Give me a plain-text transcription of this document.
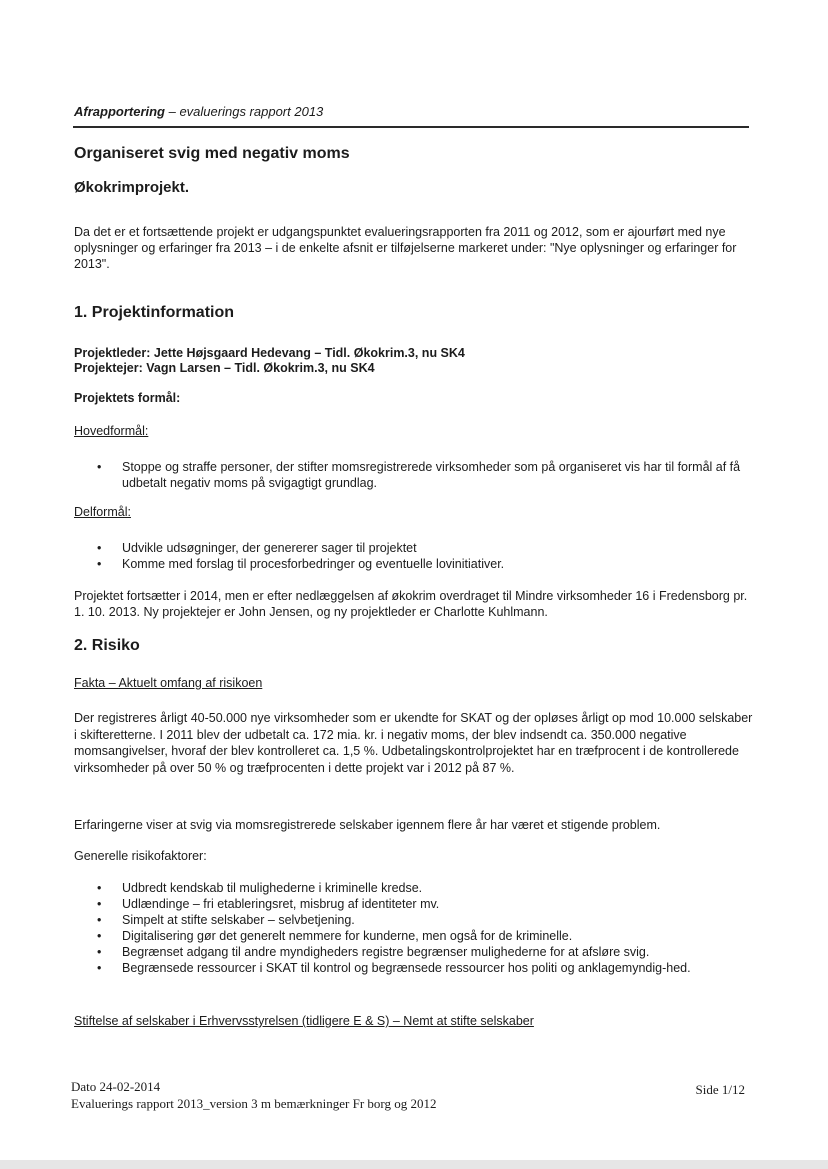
Afrapportering – evaluerings rapport 2013
Organiseret svig med negativ moms
Økokrimprojekt.
Da det er et fortsættende projekt er udgangspunktet evalueringsrapporten fra 2011 og 2012, som er ajourført med nye oplysninger og erfaringer fra 2013 – i de enkelte afsnit er tilføjelserne markeret under: "Nye oplysninger og erfaringer for 2013".
1. Projektinformation
Projektleder: Jette Højsgaard Hedevang – Tidl. Økokrim.3, nu SK4
Projektejer: Vagn Larsen – Tidl. Økokrim.3, nu SK4
Projektets formål:
Hovedformål:
• Stoppe og straffe personer, der stifter momsregistrerede virksomheder som på organiseret vis har til formål af få udbetalt negativ moms på svigagtigt grundlag.
Delformål:
• Udvikle udsøgninger, der genererer sager til projektet
• Komme med forslag til procesforbedringer og eventuelle lovinitiativer.
Projektet fortsætter i 2014, men er efter nedlæggelsen af økokrim overdraget til Mindre virksomheder 16 i Fredensborg pr. 1. 10. 2013. Ny projektejer er John Jensen, og ny projektleder er Charlotte Kuhlmann.
2. Risiko
Fakta – Aktuelt omfang af risikoen
Der registreres årligt 40-50.000 nye virksomheder som er ukendte for SKAT og der opløses årligt op mod 10.000 selskaber i skifteretterne. I 2011 blev der udbetalt ca. 172 mia. kr. i negativ moms, der blev indsendt ca. 350.000 negative momsangivelser, hvoraf der blev kontrolleret ca. 1,5 %. Udbetalingskontrolprojektet har en træfprocent i de kontrollerede virksomheder på over 50 % og træfprocenten i dette projekt var i 2012 på 87 %.
Erfaringerne viser at svig via momsregistrerede selskaber igennem flere år har været et stigende problem.
Generelle risikofaktorer:
• Udbredt kendskab til mulighederne i kriminelle kredse.
• Udlændinge – fri etableringsret, misbrug af identiteter mv.
• Simpelt at stifte selskaber – selvbetjening.
• Digitalisering gør det generelt nemmere for kunderne, men også for de kriminelle.
• Begrænset adgang til andre myndigheders registre begrænser mulighederne for at afsløre svig.
• Begrænsede ressourcer i SKAT til kontrol og begrænsede ressourcer hos politi og anklagemyndig-hed.
Stiftelse af selskaber i Erhvervsstyrelsen (tidligere E & S) – Nemt at stifte selskaber
Dato 24-02-2014
Evaluerings rapport 2013_version 3 m bemærkninger Fr borg og 2012
Side 1/12
